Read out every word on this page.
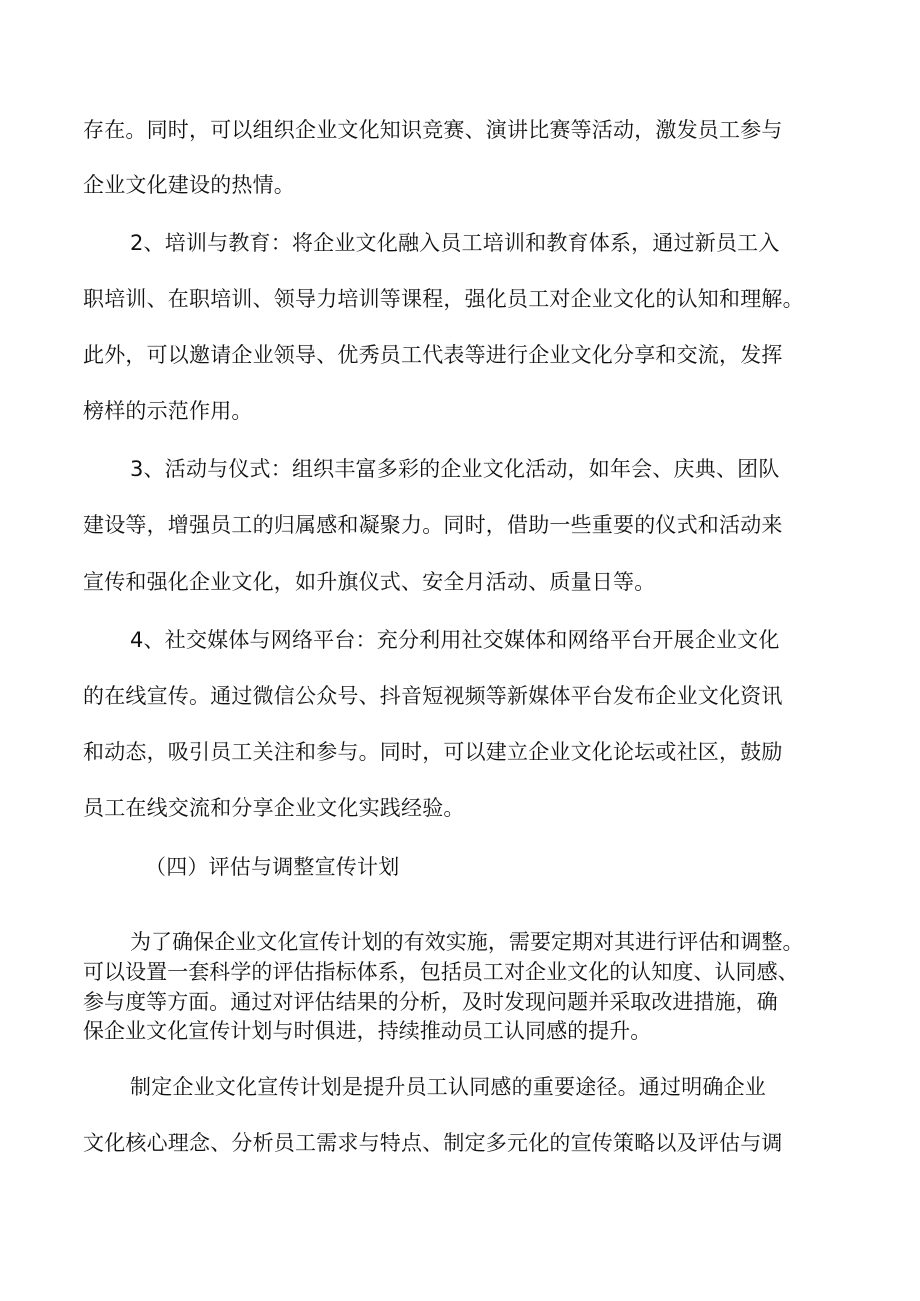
存在。同时，可以组织企业文化知识竞赛、演讲比赛等活动，激发员工参与
企业文化建设的热情。
2、培训与教育：将企业文化融入员工培训和教育体系，通过新员工入
职培训、在职培训、领导力培训等课程，强化员工对企业文化的认知和理解。
此外，可以邀请企业领导、优秀员工代表等进行企业文化分享和交流，发挥
榜样的示范作用。
3、活动与仪式：组织丰富多彩的企业文化活动，如年会、庆典、团队
建设等，增强员工的归属感和凝聚力。同时，借助一些重要的仪式和活动来
宣传和强化企业文化，如升旗仪式、安全月活动、质量日等。
4、社交媒体与网络平台：充分利用社交媒体和网络平台开展企业文化
的在线宣传。通过微信公众号、抖音短视频等新媒体平台发布企业文化资讯
和动态，吸引员工关注和参与。同时，可以建立企业文化论坛或社区，鼓励
员工在线交流和分享企业文化实践经验。
（四）评估与调整宣传计划
为了确保企业文化宣传计划的有效实施，需要定期对其进行评估和调整。
可以设置一套科学的评估指标体系，包括员工对企业文化的认知度、认同感、
参与度等方面。通过对评估结果的分析，及时发现问题并采取改进措施，确
保企业文化宣传计划与时俱进，持续推动员工认同感的提升。
制定企业文化宣传计划是提升员工认同感的重要途径。通过明确企业
文化核心理念、分析员工需求与特点、制定多元化的宣传策略以及评估与调
